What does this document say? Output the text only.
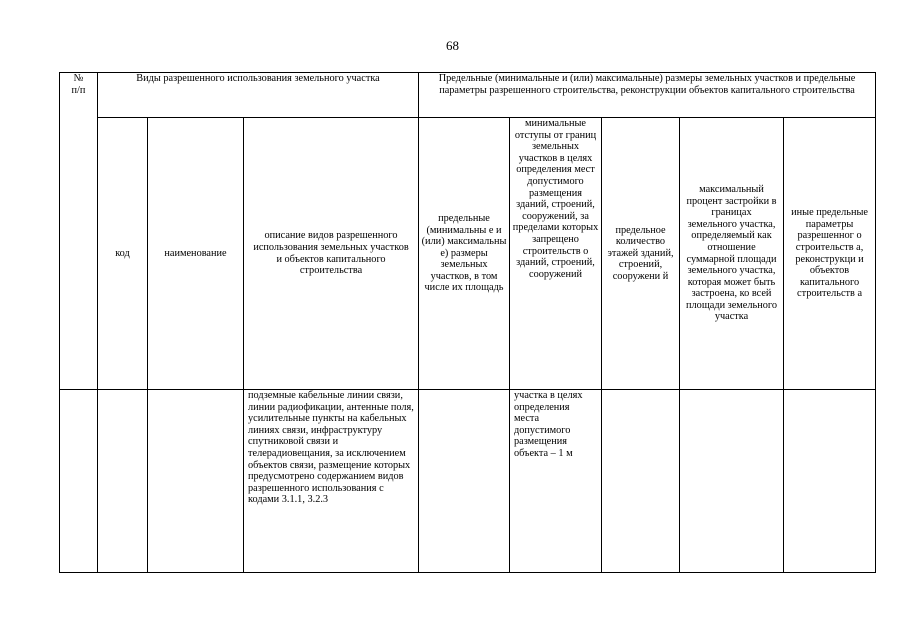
68
№
п/п	Виды разрешенного использования земельного участка			Предельные (минимальные и (или) максимальные) размеры земельных участков и предельные параметры разрешенного строительства, реконструкции объектов капитального строительства				
	код	наименование	описание видов разрешенного использования земельных участков и объектов капитального строительства	предельные (минимальны е и (или) максимальны е) размеры земельных участков, в том числе их площадь	минимальные отступы от границ земельных участков в целях определения мест допустимого размещения зданий, строений, сооружений, за пределами которых запрещено строительств о зданий, строений, сооружений	предельное количество этажей зданий, строений, сооружени й	максимальный процент застройки в границах земельного участка, определяемый как отношение суммарной площади земельного участка, которая может быть застроена, ко всей площади земельного участка	иные предельные параметры разрешенног о строительств а, реконструкци и объектов капитального строительств а
			подземные кабельные линии связи, линии радиофикации, антенные поля, усилительные пункты на кабельных линиях связи, инфраструктуру спутниковой связи и телерадиовещания, за исключением объектов связи, размещение которых предусмотрено содержанием видов разрешенного использования с кодами 3.1.1, 3.2.3		участка в целях определения места допустимого размещения объекта – 1 м			
